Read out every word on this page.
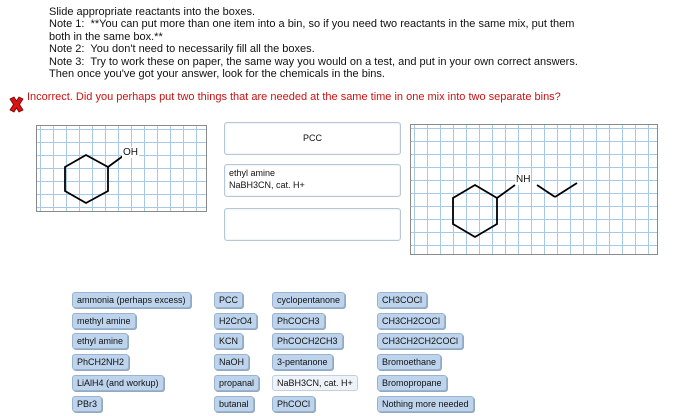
Slide appropriate reactants into the boxes.
Note 1:  **You can put more than one item into a bin, so if you need two reactants in the same mix, put them
both in the same box.**
Note 2:  You don't need to necessarily fill all the boxes.
Note 3:  Try to work these on paper, the same way you would on a test, and put in your own correct answers.
Then once you've got your answer, look for the chemicals in the bins.
Incorrect. Did you perhaps put two things that are needed at the same time in one mix into two separate bins?
OH
PCC
ethyl amine
NaBH3CN, cat. H+	NH
ammonia (perhaps excess)
methyl amine
ethyl amine
PhCH2NH2
LiAlH4 (and workup)
PBr3
PCC
H2CrO4
KCN
NaOH
propanal
butanal
cyclopentanone
PhCOCH3
PhCOCH2CH3
3-pentanone
NaBH3CN, cat. H+
PhCOCl
CH3COCl
CH3CH2COCl
CH3CH2CH2COCl
Bromoethane
Bromopropane
Nothing more needed
